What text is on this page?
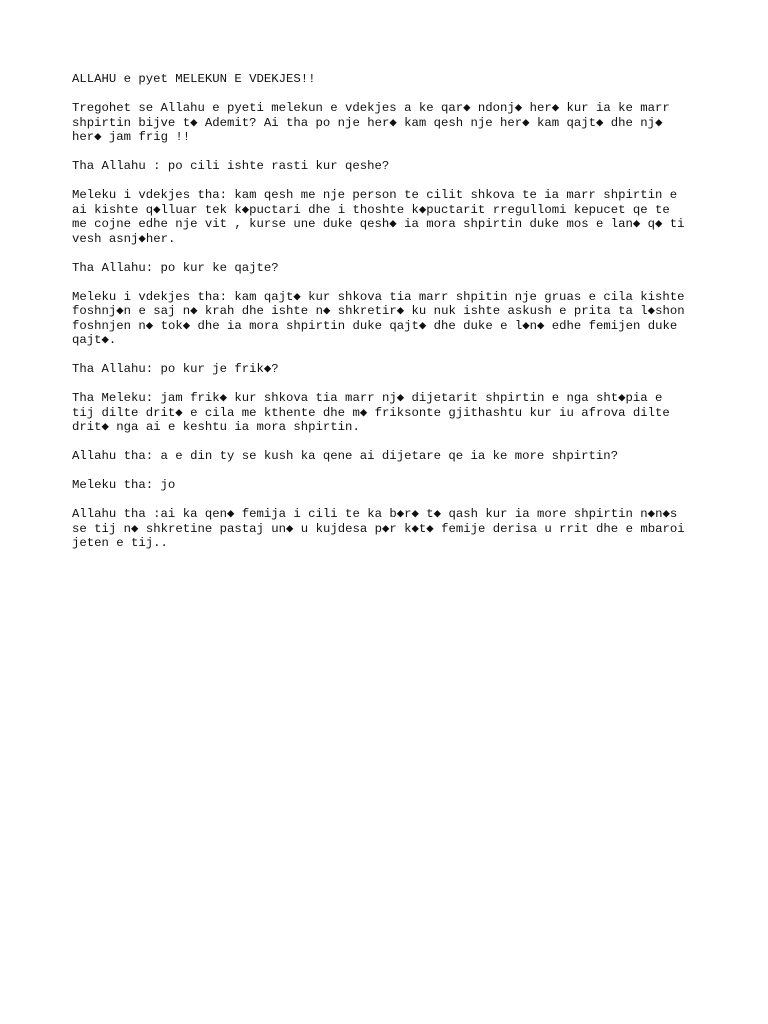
ALLAHU e pyet MELEKUN E VDEKJES!!

Tregohet se Allahu e pyeti melekun e vdekjes a ke qar◆ ndonj◆ her◆ kur ia ke marr
shpirtin bijve t◆ Ademit? Ai tha po nje her◆ kam qesh nje her◆ kam qajt◆ dhe nj◆
her◆ jam frig !!

Tha Allahu : po cili ishte rasti kur qeshe?

Meleku i vdekjes tha: kam qesh me nje person te cilit shkova te ia marr shpirtin e
ai kishte q◆lluar tek k◆puctari dhe i thoshte k◆puctarit rregullomi kepucet qe te
me cojne edhe nje vit , kurse une duke qesh◆ ia mora shpirtin duke mos e lan◆ q◆ ti
vesh asnj◆her.

Tha Allahu: po kur ke qajte?

Meleku i vdekjes tha: kam qajt◆ kur shkova tia marr shpitin nje gruas e cila kishte
foshnj◆n e saj n◆ krah dhe ishte n◆ shkretir◆ ku nuk ishte askush e prita ta l◆shon
foshnjen n◆ tok◆ dhe ia mora shpirtin duke qajt◆ dhe duke e l◆n◆ edhe femijen duke
qajt◆.

Tha Allahu: po kur je frik◆?

Tha Meleku: jam frik◆ kur shkova tia marr nj◆ dijetarit shpirtin e nga sht◆pia e
tij dilte drit◆ e cila me kthente dhe m◆ friksonte gjithashtu kur iu afrova dilte
drit◆ nga ai e keshtu ia mora shpirtin.

Allahu tha: a e din ty se kush ka qene ai dijetare qe ia ke more shpirtin?

Meleku tha: jo

Allahu tha :ai ka qen◆ femija i cili te ka b◆r◆ t◆ qash kur ia more shpirtin n◆n◆s
se tij n◆ shkretine pastaj un◆ u kujdesa p◆r k◆t◆ femije derisa u rrit dhe e mbaroi
jeten e tij..
